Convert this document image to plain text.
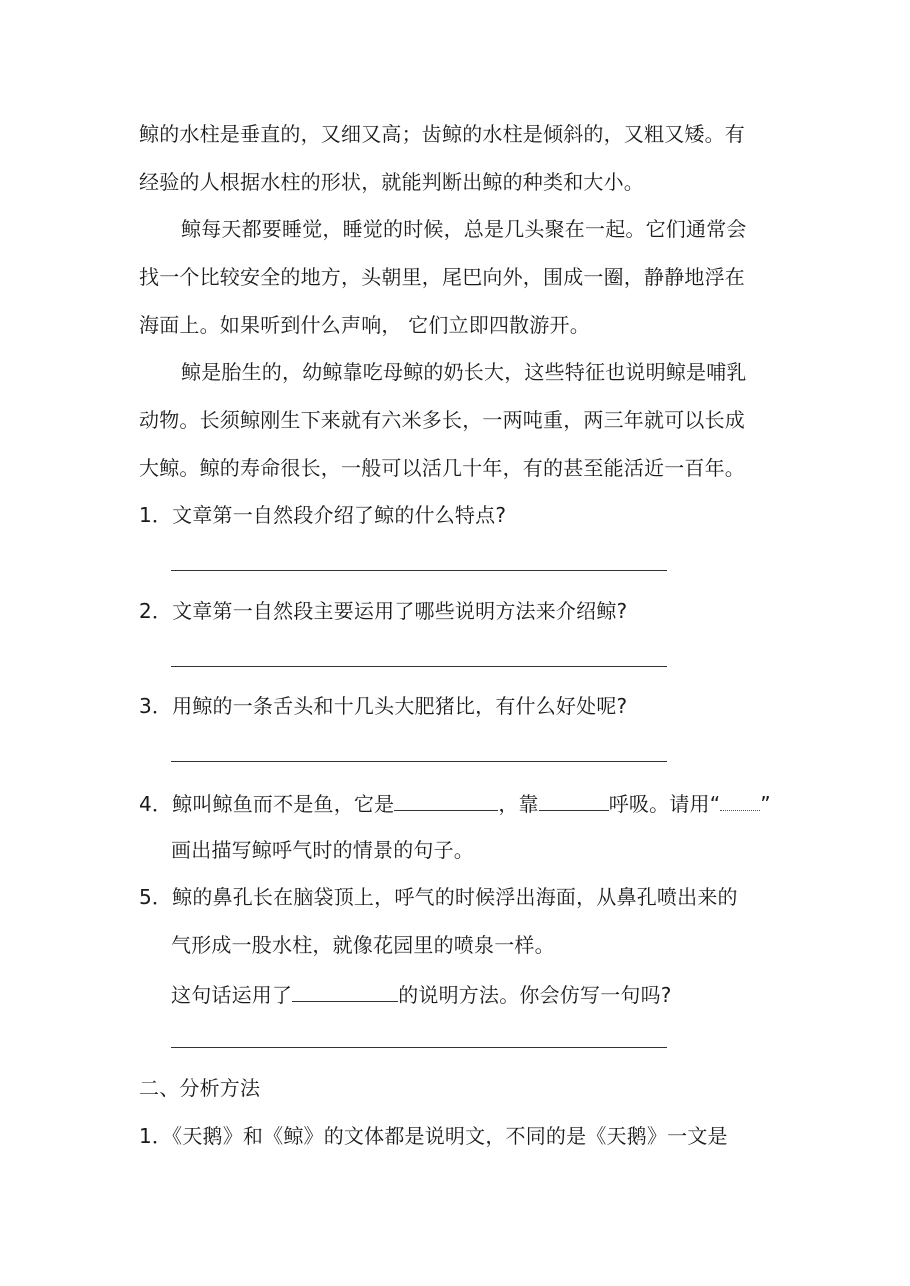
鲸的水柱是垂直的，又细又高；齿鲸的水柱是倾斜的，又粗又矮。有
经验的人根据水柱的形状，就能判断出鲸的种类和大小。
鲸每天都要睡觉，睡觉的时候，总是几头聚在一起。它们通常会
找一个比较安全的地方，头朝里，尾巴向外，围成一圈，静静地浮在
海面上。如果听到什么声响， 它们立即四散游开。
鲸是胎生的，幼鲸靠吃母鲸的奶长大，这些特征也说明鲸是哺乳
动物。长须鲸刚生下来就有六米多长，一两吨重，两三年就可以长成
大鲸。鲸的寿命很长，一般可以活几十年，有的甚至能活近一百年。
1．文章第一自然段介绍了鲸的什么特点?
2．文章第一自然段主要运用了哪些说明方法来介绍鲸?
3．用鲸的一条舌头和十几头大肥猪比，有什么好处呢?
4．鲸叫鲸鱼而不是鱼，它是	，靠	呼吸。请用“ ”
画出描写鲸呼气时的情景的句子。
5．鲸的鼻孔长在脑袋顶上，呼气的时候浮出海面，从鼻孔喷出来的
气形成一股水柱，就像花园里的喷泉一样。
这句话运用了	的说明方法。你会仿写一句吗?
二、分析方法
1．《天鹅》和《鲸》的文体都是说明文，不同的是《天鹅》一文是
